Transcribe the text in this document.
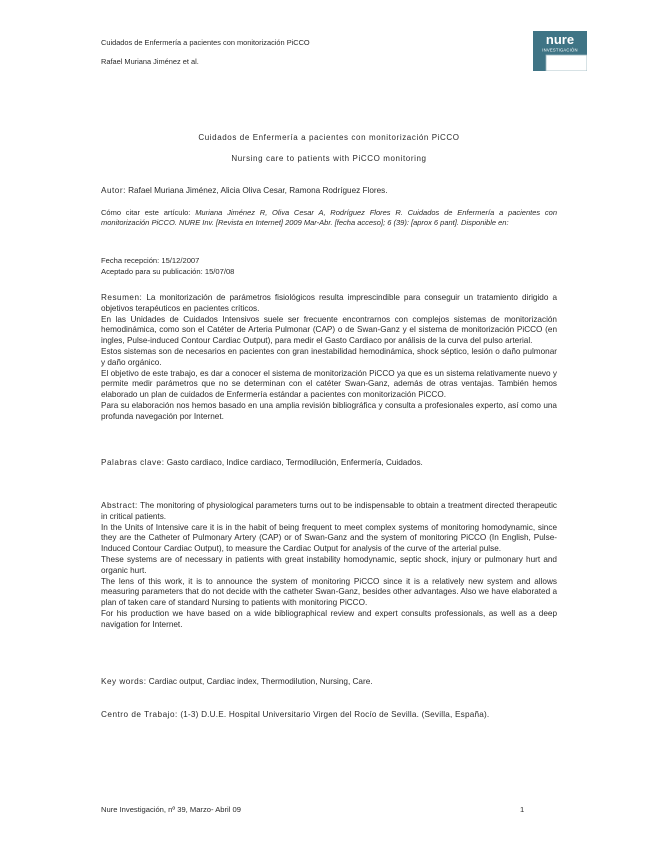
Cuidados de Enfermería a pacientes con monitorización PiCCO
Rafael Muriana Jiménez et al.
nure
INVESTIGACIÓN
Cuidados de Enfermería a pacientes con monitorización PiCCO
Nursing care to patients with PiCCO monitoring
Autor: Rafael Muriana Jiménez, Alicia Oliva Cesar, Ramona Rodríguez Flores.
Cómo citar este artículo: Muriana Jiménez R, Oliva Cesar A, Rodríguez Flores R. Cuidados de Enfermería a pacientes con monitorización PiCCO. NURE Inv. [Revista en Internet] 2009 Mar-Abr. [fecha acceso]; 6 (39): [aprox 6 pant]. Disponible en:
Fecha recepción: 15/12/2007
Aceptado para su publicación: 15/07/08

Resumen: La monitorización de parámetros fisiológicos resulta imprescindible para conseguir un tratamiento dirigido a objetivos terapéuticos en pacientes críticos.

En las Unidades de Cuidados Intensivos suele ser frecuente encontrarnos con complejos sistemas de monitorización hemodinámica, como son el Catéter de Arteria Pulmonar (CAP) o de Swan-Ganz y el sistema de monitorización PiCCO (en ingles, Pulse-induced Contour Cardiac Output), para medir el Gasto Cardiaco por análisis de la curva del pulso arterial.

Estos sistemas son de necesarios en pacientes con gran inestabilidad hemodinámica, shock séptico, lesión o daño pulmonar y daño orgánico.

El objetivo de este trabajo, es dar a conocer el sistema de monitorización PiCCO ya que es un sistema relativamente nuevo y permite medir parámetros que no se determinan con el catéter Swan-Ganz, además de otras ventajas. También hemos elaborado un plan de cuidados de Enfermería estándar a pacientes con monitorización PiCCO.

Para su elaboración nos hemos basado en una amplia revisión bibliográfica y consulta a profesionales experto, así como una profunda navegación por Internet.

Palabras clave: Gasto cardiaco, Indice cardiaco, Termodilución, Enfermería, Cuidados.

Abstract: The monitoring of physiological parameters turns out to be indispensable to obtain a treatment directed therapeutic in critical patients.

In the Units of Intensive care it is in the habit of being frequent to meet complex systems of monitoring homodynamic, since they are the Catheter of Pulmonary Artery (CAP) or of Swan-Ganz and the system of monitoring PiCCO (In English, Pulse-Induced Contour Cardiac Output), to measure the Cardiac Output for analysis of the curve of the arterial pulse.

These systems are of necessary in patients with great instability homodynamic, septic shock, injury or pulmonary hurt and organic hurt.

The lens of this work, it is to announce the system of monitoring PiCCO since it is a relatively new system and allows measuring parameters that do not decide with the catheter Swan-Ganz, besides other advantages. Also we have elaborated a plan of taken care of standard Nursing to patients with monitoring PiCCO.

For his production we have based on a wide bibliographical review and expert consults professionals, as well as a deep navigation for Internet.

Key words: Cardiac output, Cardiac index, Thermodilution, Nursing, Care.
Centro de Trabajo: (1-3) D.U.E. Hospital Universitario Virgen del Rocío de Sevilla. (Sevilla, España).
Nure Investigación, nº 39, Marzo- Abril 09	1
